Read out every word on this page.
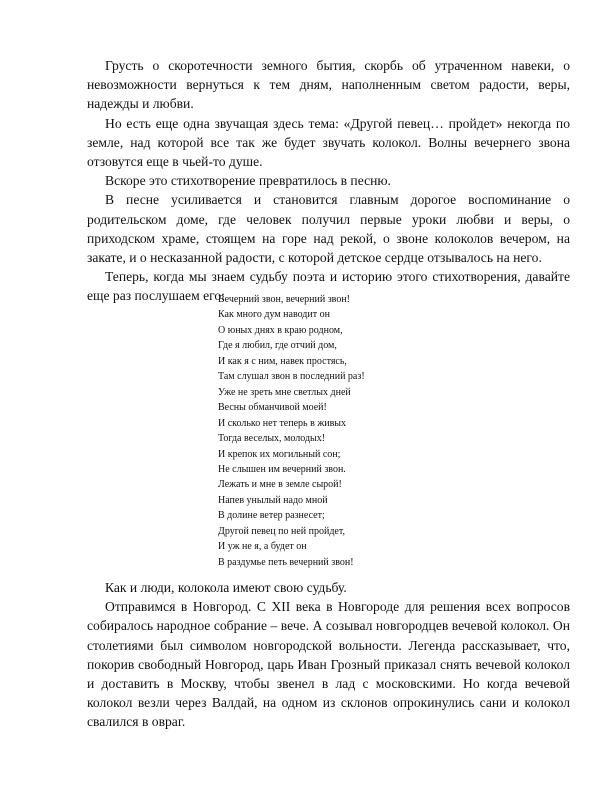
Грусть о скоротечности земного бытия, скорбь об утраченном навеки, о невозможности вернуться к тем дням, наполненным светом радости, веры, надежды и любви.

Но есть еще одна звучащая здесь тема: «Другой певец… пройдет» некогда по земле, над которой все так же будет звучать колокол. Волны вечернего звона отзовутся еще в чьей-то душе.

Вскоре это стихотворение превратилось в песню.

В песне усиливается и становится главным дорогое воспоминание о родительском доме, где человек получил первые уроки любви и веры, о приходском храме, стоящем на горе над рекой, о звоне колоколов вечером, на закате, и о несказанной радости, с которой детское сердце отзывалось на него.

Теперь, когда мы знаем судьбу поэта и историю этого стихотворения, давайте еще раз послушаем его:

Вечерний звон, вечерний звон!
Как много дум наводит он
О юных днях в краю родном,
Где я любил, где отчий дом,
И как я с ним, навек простясь,
Там слушал звон в последний раз!
Уже не зреть мне светлых дней
Весны обманчивой моей!
И сколько нет теперь в живых
Тогда веселых, молодых!
И крепок их могильный сон;
Не слышен им вечерний звон.
Лежать и мне в земле сырой!
Напев унылый надо мной
В долине ветер разнесет;
Другой певец по ней пройдет,
И уж не я, а будет он
В раздумье петь вечерний звон!

Как и люди, колокола имеют свою судьбу.

Отправимся в Новгород. С XII века в Новгороде для решения всех вопросов собиралось народное собрание – вече. А созывал новгородцев вечевой колокол. Он столетиями был символом новгородской вольности. Легенда рассказывает, что, покорив свободный Новгород, царь Иван Грозный приказал снять вечевой колокол и доставить в Москву, чтобы звенел в лад с московскими. Но когда вечевой колокол везли через Валдай, на одном из склонов опрокинулись сани и колокол свалился в овраг.
